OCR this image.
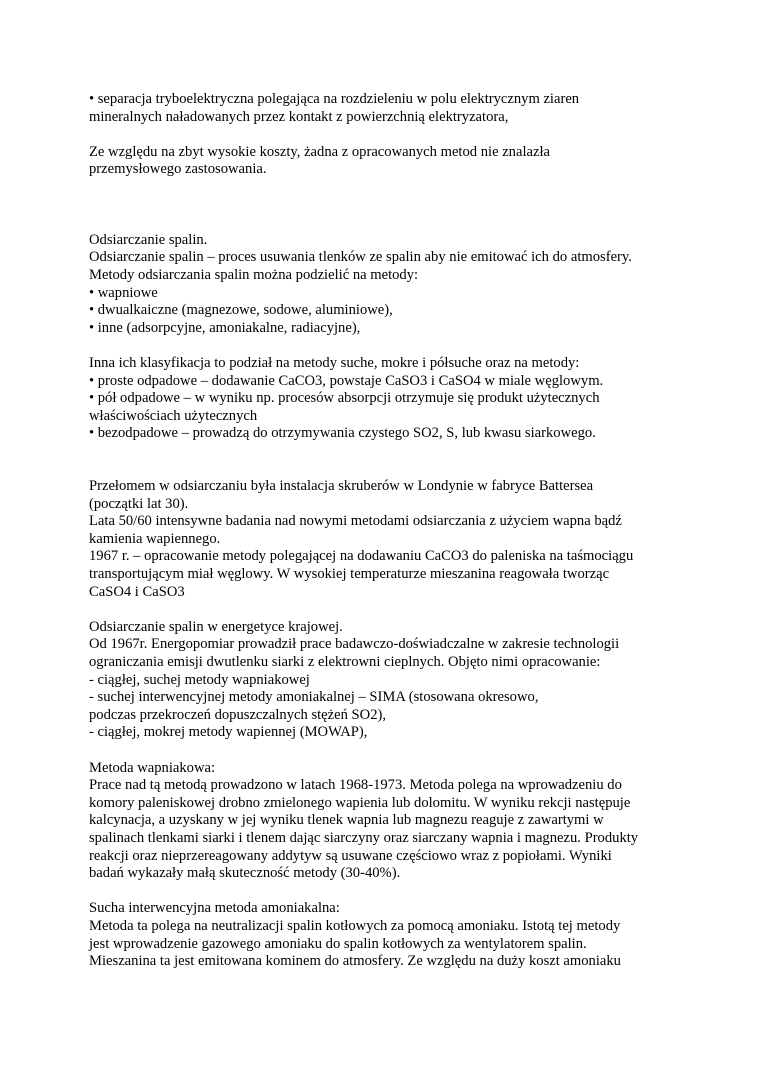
• separacja tryboelektryczna polegająca na rozdzieleniu w polu elektrycznym ziaren
mineralnych naładowanych przez kontakt z powierzchnią elektryzatora,
Ze względu na zbyt wysokie koszty, żadna z opracowanych metod nie znalazła
przemysłowego zastosowania.
Odsiarczanie spalin.
Odsiarczanie spalin – proces usuwania tlenków ze spalin aby nie emitować ich do atmosfery.
Metody odsiarczania spalin można podzielić na metody:
• wapniowe
• dwualkaiczne (magnezowe, sodowe, aluminiowe),
• inne (adsorpcyjne, amoniakalne, radiacyjne),
Inna ich klasyfikacja to podział na metody suche, mokre i półsuche oraz na metody:
• proste odpadowe – dodawanie CaCO3, powstaje CaSO3 i CaSO4 w miale węglowym.
• pół odpadowe – w wyniku np. procesów absorpcji otrzymuje się produkt użytecznych
właściwościach użytecznych
• bezodpadowe – prowadzą do otrzymywania czystego SO2, S, lub kwasu siarkowego.
Przełomem w odsiarczaniu była instalacja skruberów w Londynie w fabryce Battersea
(początki lat 30).
Lata 50/60 intensywne badania nad nowymi metodami odsiarczania z użyciem wapna bądź
kamienia wapiennego.
1967 r. – opracowanie metody polegającej na dodawaniu CaCO3 do paleniska na taśmociągu
transportującym miał węglowy. W wysokiej temperaturze mieszanina reagowała tworząc
CaSO4 i CaSO3
Odsiarczanie spalin w energetyce krajowej.
Od 1967r. Energopomiar prowadził prace badawczo-doświadczalne w zakresie technologii
ograniczania emisji dwutlenku siarki z elektrowni cieplnych. Objęto nimi opracowanie:
- ciągłej, suchej metody wapniakowej
- suchej interwencyjnej metody amoniakalnej – SIMA (stosowana okresowo,
podczas przekroczeń dopuszczalnych stężeń SO2),
- ciągłej, mokrej metody wapiennej (MOWAP),
Metoda wapniakowa:
Prace nad tą metodą prowadzono w latach 1968-1973. Metoda polega na wprowadzeniu do
komory paleniskowej drobno zmielonego wapienia lub dolomitu. W wyniku rekcji następuje
kalcynacja, a uzyskany w jej wyniku tlenek wapnia lub magnezu reaguje z zawartymi w
spalinach tlenkami siarki i tlenem dając siarczyny oraz siarczany wapnia i magnezu. Produkty
reakcji oraz nieprzereagowany addytyw są usuwane częściowo wraz z popiołami. Wyniki
badań wykazały małą skuteczność metody (30-40%).
Sucha interwencyjna metoda amoniakalna:
Metoda ta polega na neutralizacji spalin kotłowych za pomocą amoniaku. Istotą tej metody
jest wprowadzenie gazowego amoniaku do spalin kotłowych za wentylatorem spalin.
Mieszanina ta jest emitowana kominem do atmosfery. Ze względu na duży koszt amoniaku
